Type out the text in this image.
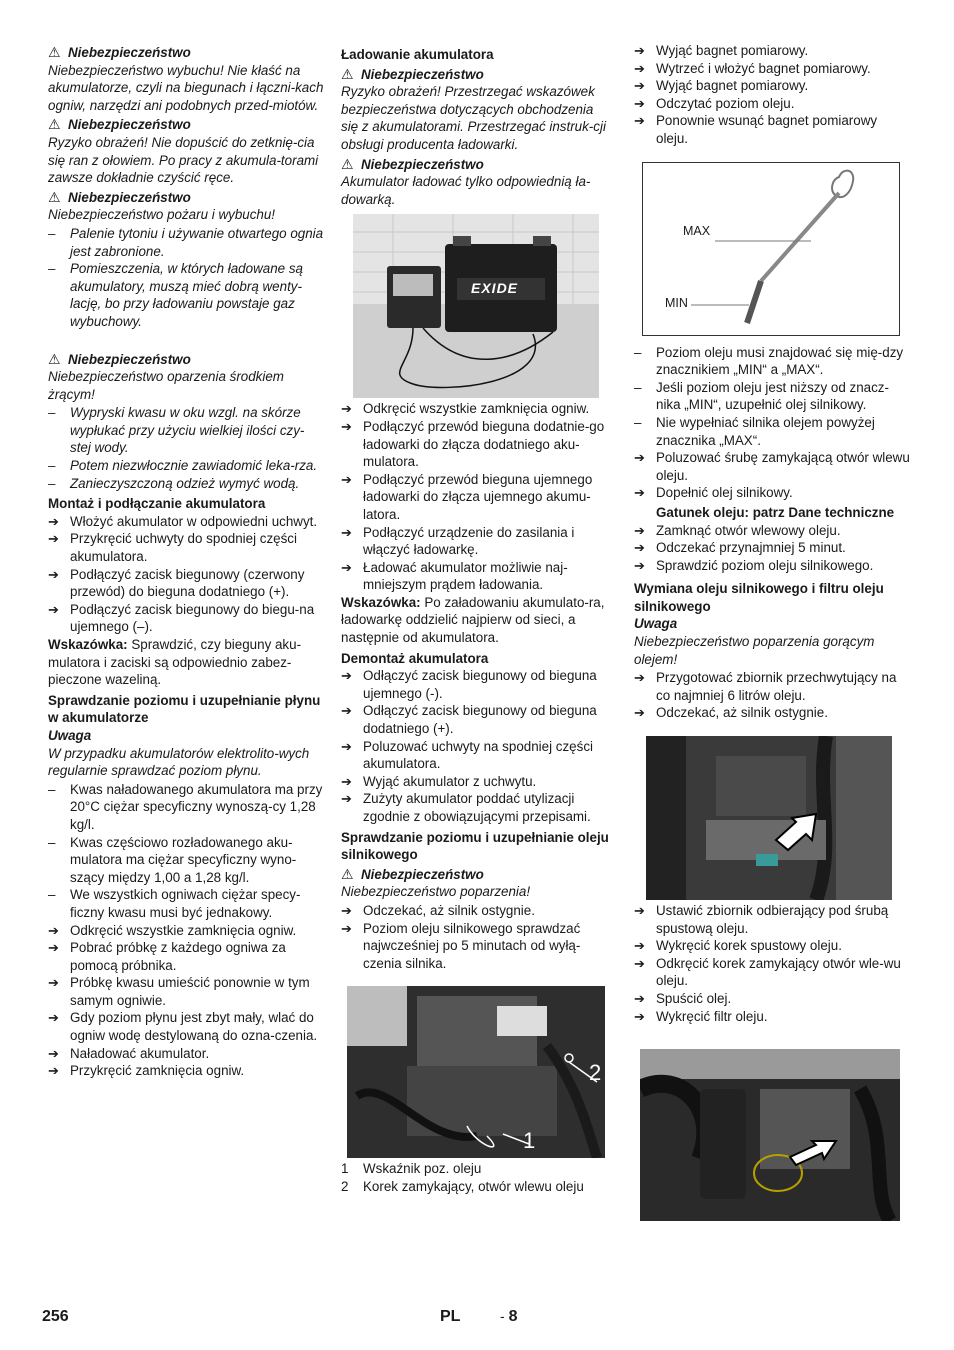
⚠ Niebezpieczeństwo
Niebezpieczeństwo wybuchu! Nie kłaść na akumulatorze, czyli na biegunach i łączni-kach ogniw, narzędzi ani podobnych przed-miotów.
⚠ Niebezpieczeństwo
Ryzyko obrażeń! Nie dopuścić do zetknię-cia się ran z ołowiem. Po pracy z akumula-torami zawsze dokładnie czyścić ręce.
⚠ Niebezpieczeństwo
Niebezpieczeństwo pożaru i wybuchu!
–	Palenie tytoniu i używanie otwartego ognia jest zabronione.
–	Pomieszczenia, w których ładowane są akumulatory, muszą mieć dobrą wenty-lację, bo przy ładowaniu powstaje gaz wybuchowy.
⚠ Niebezpieczeństwo
Niebezpieczeństwo oparzenia środkiem żrącym!
–	Wypryski kwasu w oku wzgl. na skórze wypłukać przy użyciu wielkiej ilości czy-stej wody.
–	Potem niezwłocznie zawiadomić leka-rza.
–	Zanieczyszczoną odzież wymyć wodą.
Montaż i podłączanie akumulatora
➔ Włożyć akumulator w odpowiedni uchwyt.
➔ Przykręcić uchwyty do spodniej części akumulatora.
➔ Podłączyć zacisk biegunowy (czerwony przewód) do bieguna dodatniego (+).
➔ Podłączyć zacisk biegunowy do biegu-na ujemnego (–).
Wskazówka: Sprawdzić, czy bieguny aku-mulatora i zaciski są odpowiednio zabez-pieczone wazeliną.
Sprawdzanie poziomu i uzupełnianie płynu w akumulatorze
Uwaga
W przypadku akumulatorów elektrolito-wych regularnie sprawdzać poziom płynu.
–	Kwas naładowanego akumulatora ma przy 20°C ciężar specyficzny wynoszą-cy 1,28 kg/l.
–	Kwas częściowo rozładowanego aku-mulatora ma ciężar specyficzny wyno-szący między 1,00 a 1,28 kg/l.
–	We wszystkich ogniwach ciężar specy-ficzny kwasu musi być jednakowy.
➔ Odkręcić wszystkie zamknięcia ogniw.
➔ Pobrać próbkę z każdego ogniwa za pomocą próbnika.
➔ Próbkę kwasu umieścić ponownie w tym samym ogniwie.
➔ Gdy poziom płynu jest zbyt mały, wlać do ogniw wodę destylowaną do ozna-czenia.
➔ Naładować akumulator.
➔ Przykręcić zamknięcia ogniw.
Ładowanie akumulatora
⚠ Niebezpieczeństwo
Ryzyko obrażeń! Przestrzegać wskazówek bezpieczeństwa dotyczących obchodzenia się z akumulatorami. Przestrzegać instruk-cji obsługi producenta ładowarki.
⚠ Niebezpieczeństwo
Akumulator ładować tylko odpowiednią ła-dowarką.
EXIDE
➔ Odkręcić wszystkie zamknięcia ogniw.
➔ Podłączyć przewód bieguna dodatnie-go ładowarki do złącza dodatniego aku-mulatora.
➔ Podłączyć przewód bieguna ujemnego ładowarki do złącza ujemnego akumu-latora.
➔ Podłączyć urządzenie do zasilania i włączyć ładowarkę.
➔ Ładować akumulator możliwie naj-mniejszym prądem ładowania.
Wskazówka: Po załadowaniu akumulato-ra, ładowarkę oddzielić najpierw od sieci, a następnie od akumulatora.
Demontaż akumulatora
➔ Odłączyć zacisk biegunowy od bieguna ujemnego (-).
➔ Odłączyć zacisk biegunowy od bieguna dodatniego (+).
➔ Poluzować uchwyty na spodniej części akumulatora.
➔ Wyjąć akumulator z uchwytu.
➔ Zużyty akumulator poddać utylizacji zgodnie z obowiązującymi przepisami.
Sprawdzanie poziomu i uzupełnianie oleju silnikowego
⚠ Niebezpieczeństwo
Niebezpieczeństwo poparzenia!
➔ Odczekać, aż silnik ostygnie.
➔ Poziom oleju silnikowego sprawdzać najwcześniej po 5 minutach od wyłą-czenia silnika.
2
1
1 Wskaźnik poz. oleju
2 Korek zamykający, otwór wlewu oleju
➔ Wyjąć bagnet pomiarowy.
➔ Wytrzeć i włożyć bagnet pomiarowy.
➔ Wyjąć bagnet pomiarowy.
➔ Odczytać poziom oleju.
➔ Ponownie wsunąć bagnet pomiarowy oleju.
MAX
MIN
–	Poziom oleju musi znajdować się mię-dzy znacznikiem „MIN“ a „MAX“.
–	Jeśli poziom oleju jest niższy od znacz-nika „MIN“, uzupełnić olej silnikowy.
–	Nie wypełniać silnika olejem powyżej znacznika „MAX“.
➔ Poluzować śrubę zamykającą otwór wlewu oleju.
➔ Dopełnić olej silnikowy.
Gatunek oleju: patrz Dane techniczne
➔ Zamknąć otwór wlewowy oleju.
➔ Odczekać przynajmniej 5 minut.
➔ Sprawdzić poziom oleju silnikowego.
Wymiana oleju silnikowego i filtru oleju silnikowego
Uwaga
Niebezpieczeństwo poparzenia gorącym olejem!
➔ Przygotować zbiornik przechwytujący na co najmniej 6 litrów oleju.
➔ Odczekać, aż silnik ostygnie.
➔ Ustawić zbiornik odbierający pod śrubą spustową oleju.
➔ Wykręcić korek spustowy oleju.
➔ Odkręcić korek zamykający otwór wle-wu oleju.
➔ Spuścić olej.
➔ Wykręcić filtr oleju.
256	PL	- 8
